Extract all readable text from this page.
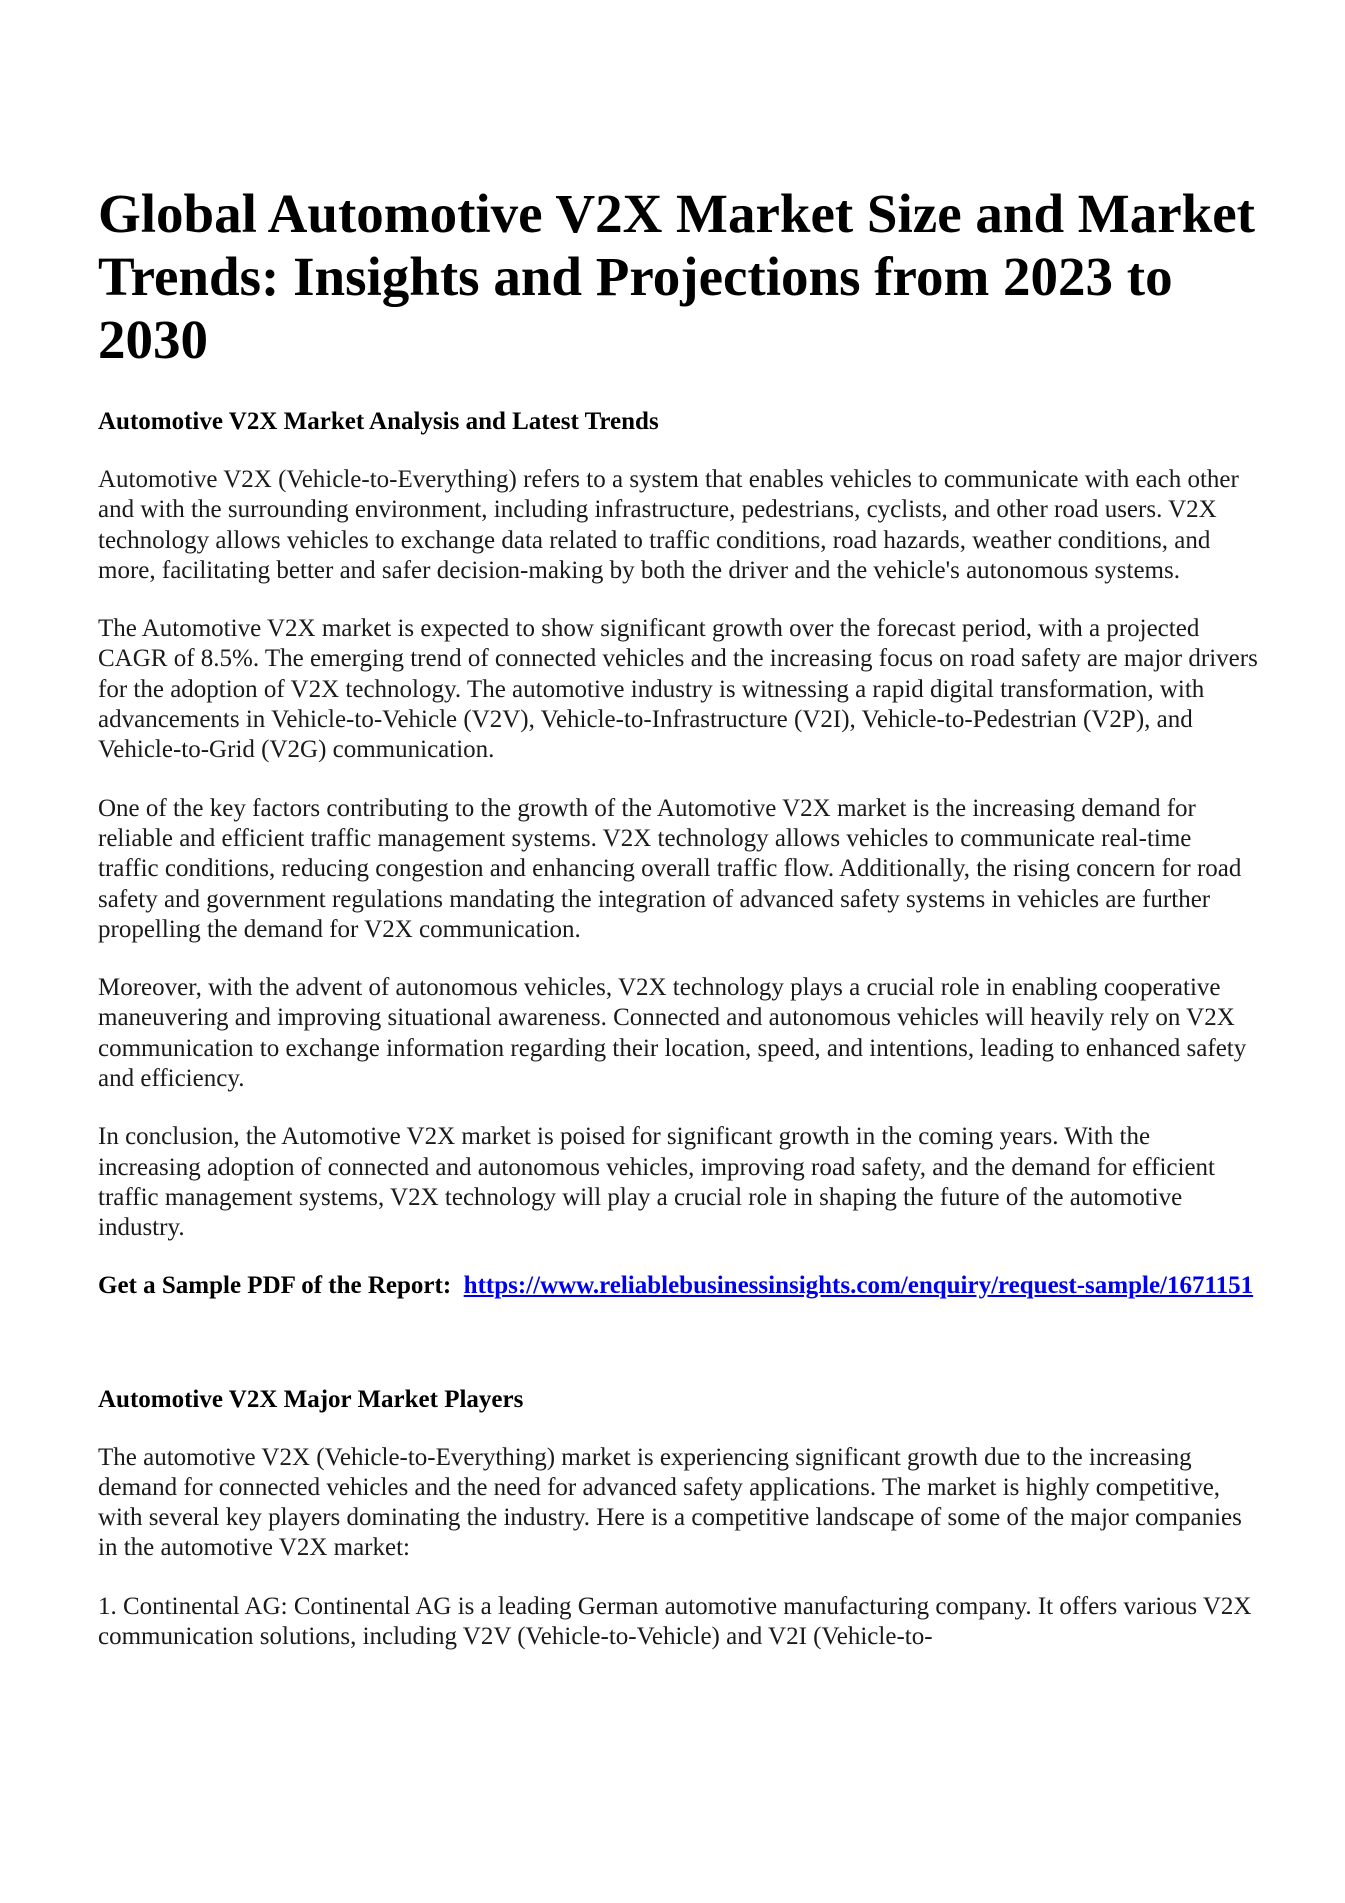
Global Automotive V2X Market Size and Market Trends: Insights and Projections from 2023 to 2030
Automotive V2X Market Analysis and Latest Trends

Automotive V2X (Vehicle-to-Everything) refers to a system that enables vehicles to communicate with each other and with the surrounding environment, including infrastructure, pedestrians, cyclists, and other road users. V2X technology allows vehicles to exchange data related to traffic conditions, road hazards, weather conditions, and more, facilitating better and safer decision-making by both the driver and the vehicle's autonomous systems.

The Automotive V2X market is expected to show significant growth over the forecast period, with a projected CAGR of 8.5%. The emerging trend of connected vehicles and the increasing focus on road safety are major drivers for the adoption of V2X technology. The automotive industry is witnessing a rapid digital transformation, with advancements in Vehicle-to-Vehicle (V2V), Vehicle-to-Infrastructure (V2I), Vehicle-to-Pedestrian (V2P), and Vehicle-to-Grid (V2G) communication.

One of the key factors contributing to the growth of the Automotive V2X market is the increasing demand for reliable and efficient traffic management systems. V2X technology allows vehicles to communicate real-time traffic conditions, reducing congestion and enhancing overall traffic flow. Additionally, the rising concern for road safety and government regulations mandating the integration of advanced safety systems in vehicles are further propelling the demand for V2X communication.

Moreover, with the advent of autonomous vehicles, V2X technology plays a crucial role in enabling cooperative maneuvering and improving situational awareness. Connected and autonomous vehicles will heavily rely on V2X communication to exchange information regarding their location, speed, and intentions, leading to enhanced safety and efficiency.

In conclusion, the Automotive V2X market is poised for significant growth in the coming years. With the increasing adoption of connected and autonomous vehicles, improving road safety, and the demand for efficient traffic management systems, V2X technology will play a crucial role in shaping the future of the automotive industry.

Get a Sample PDF of the Report: https://www.reliablebusinessinsights.com/enquiry/request-sample/1671151

Automotive V2X Major Market Players

The automotive V2X (Vehicle-to-Everything) market is experiencing significant growth due to the increasing demand for connected vehicles and the need for advanced safety applications. The market is highly competitive, with several key players dominating the industry. Here is a competitive landscape of some of the major companies in the automotive V2X market:

1. Continental AG: Continental AG is a leading German automotive manufacturing company. It offers various V2X communication solutions, including V2V (Vehicle-to-Vehicle) and V2I (Vehicle-to-
